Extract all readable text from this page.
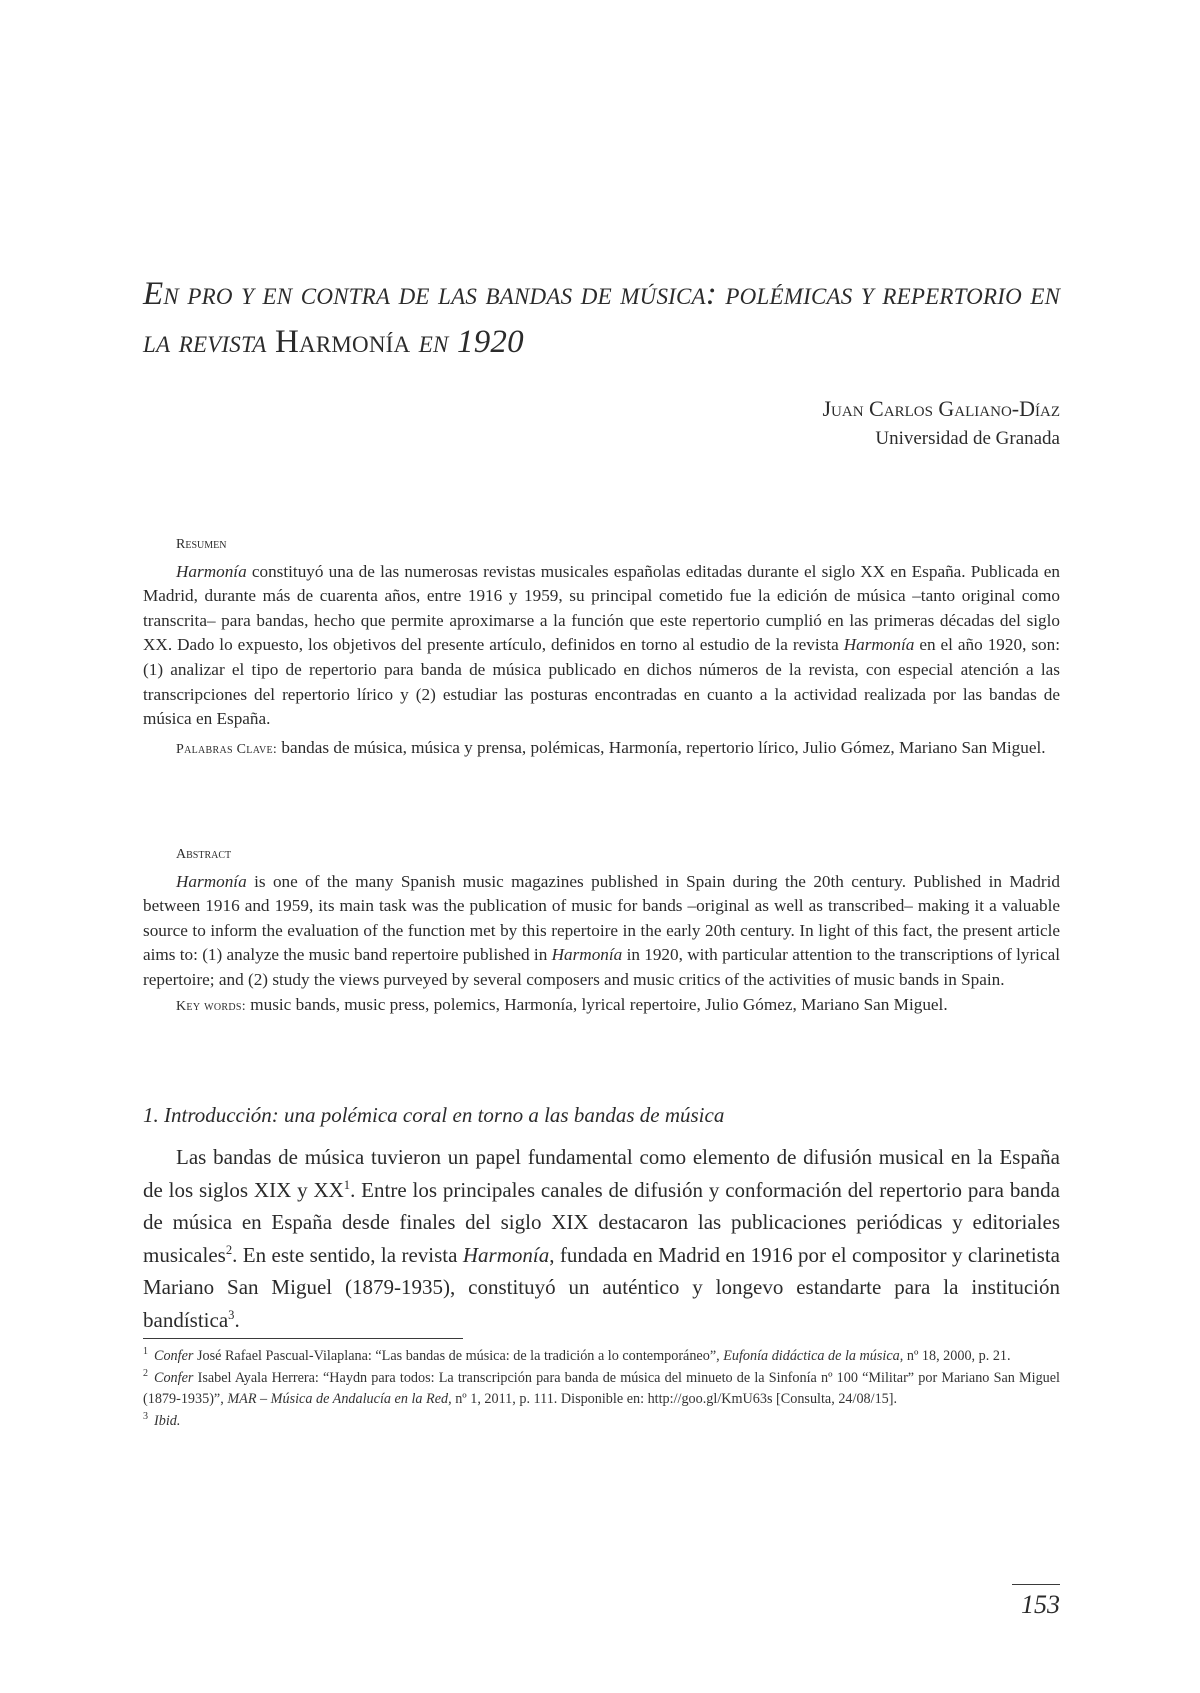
En pro y en contra de las bandas de música: polémicas y repertorio en la revista Harmonía en 1920
Juan Carlos Galiano-Díaz
Universidad de Granada
Resumen

Harmonía constituyó una de las numerosas revistas musicales españolas editadas durante el siglo XX en España. Publicada en Madrid, durante más de cuarenta años, entre 1916 y 1959, su principal cometido fue la edición de música –tanto original como transcrita– para bandas, hecho que permite aproximarse a la función que este repertorio cumplió en las primeras décadas del siglo XX. Dado lo expuesto, los objetivos del presente artículo, definidos en torno al estudio de la revista Harmonía en el año 1920, son: (1) analizar el tipo de repertorio para banda de música publicado en dichos números de la revista, con especial atención a las transcripciones del repertorio lírico y (2) estudiar las posturas encontradas en cuanto a la actividad realizada por las bandas de música en España.

Palabras Clave: bandas de música, música y prensa, polémicas, Harmonía, repertorio lírico, Julio Gómez, Mariano San Miguel.

Abstract

Harmonía is one of the many Spanish music magazines published in Spain during the 20th century. Published in Madrid between 1916 and 1959, its main task was the publication of music for bands –original as well as transcribed– making it a valuable source to inform the evaluation of the function met by this repertoire in the early 20th century. In light of this fact, the present article aims to: (1) analyze the music band repertoire published in Harmonía in 1920, with particular attention to the transcriptions of lyrical repertoire; and (2) study the views purveyed by several composers and music critics of the activities of music bands in Spain.

Key words: music bands, music press, polemics, Harmonía, lyrical repertoire, Julio Gómez, Mariano San Miguel.

1. Introducción: una polémica coral en torno a las bandas de música

Las bandas de música tuvieron un papel fundamental como elemento de difusión musical en la España de los siglos XIX y $XX^1$. Entre los principales canales de difusión y conformación del repertorio para banda de música en España desde finales del siglo XIX destacaron las publicaciones periódicas y editoriales musicales$^2$. En este sentido, la revista Harmonía, fundada en Madrid en 1916 por el compositor y clarinetista Mariano San Miguel (1879-1935), constituyó un auténtico y longevo estandarte para la institución bandística$^3$.

$^1$ Confer José Rafael Pascual-Vilaplana: “Las bandas de música: de la tradición a lo contemporáneo”, Eufonía didáctica de la música, nº 18, 2000, p. 21.

$^2$ Confer Isabel Ayala Herrera: “Haydn para todos: La transcripción para banda de música del minueto de la Sinfonía nº 100 “Militar” por Mariano San Miguel (1879-1935)”, MAR – Música de Andalucía en la Red, nº 1, 2011, p. 111. Disponible en: http://goo.gl/KmU63s [Consulta, 24/08/15].

$^3$ Ibid.

153
